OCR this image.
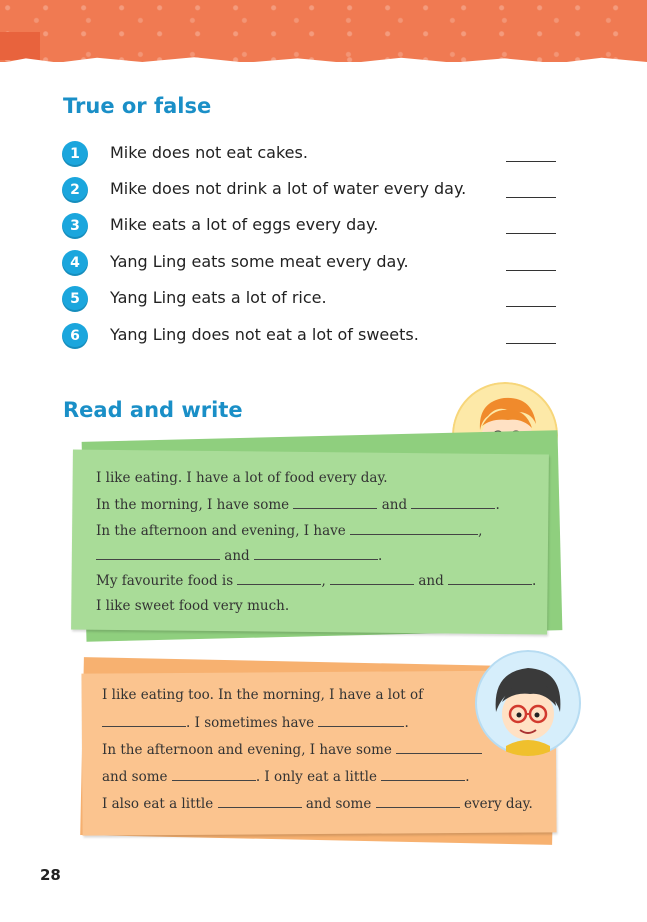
True or false
1	Mike does not eat cakes.
2	Mike does not drink a lot of water every day.
3	Mike eats a lot of eggs every day.
4	Yang Ling eats some meat every day.
5	Yang Ling eats a lot of rice.
6	Yang Ling does not eat a lot of sweets.
Read and write
I like eating. I have a lot of food every day.
In the morning, I have some	and	.
In the afternoon and evening, I have	,
and	.
My favourite food is	,	and	.
I like sweet food very much.
I like eating too. In the morning, I have a lot of
. I sometimes have	.
In the afternoon and evening, I have some
and some	. I only eat a little	.
I also eat a little	and some	every day.
28
